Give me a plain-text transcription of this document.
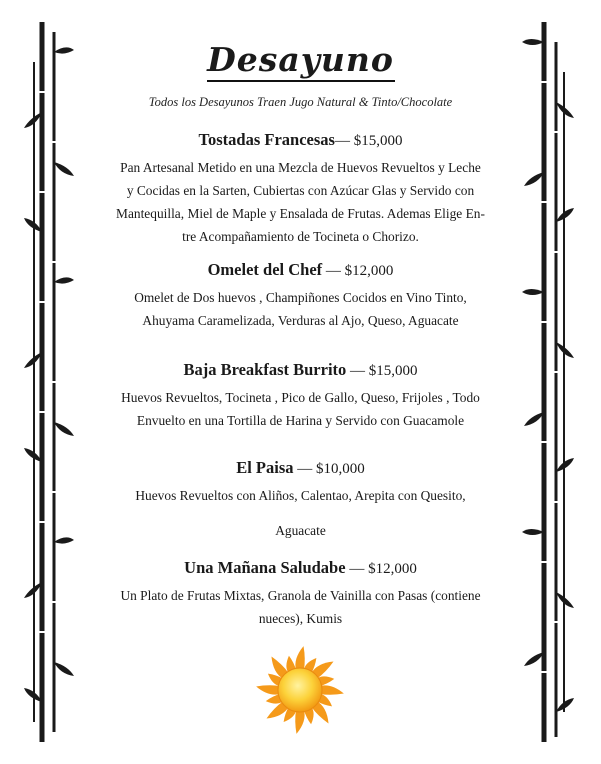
Desayuno
Todos los Desayunos Traen Jugo Natural & Tinto/Chocolate
Tostadas Francesas— $15,000
Pan Artesanal Metido en una Mezcla de Huevos Revueltos y Leche
y Cocidas en la Sarten, Cubiertas con Azúcar Glas y Servido con
Mantequilla, Miel de Maple y Ensalada de Frutas. Ademas Elige En-
tre Acompañamiento de Tocineta o Chorizo.
Omelet del Chef — $12,000
Omelet de Dos huevos , Champiñones Cocidos en Vino Tinto,
Ahuyama Caramelizada, Verduras al Ajo, Queso, Aguacate
Baja Breakfast Burrito — $15,000
Huevos Revueltos, Tocineta , Pico de Gallo, Queso, Frijoles , Todo
Envuelto en una Tortilla de Harina y Servido con Guacamole
El Paisa — $10,000
Huevos Revueltos con Aliños, Calentao, Arepita con Quesito,
Aguacate
Una Mañana Saludabe — $12,000
Un Plato de Frutas Mixtas, Granola de Vainilla con Pasas (contiene
nueces), Kumis
